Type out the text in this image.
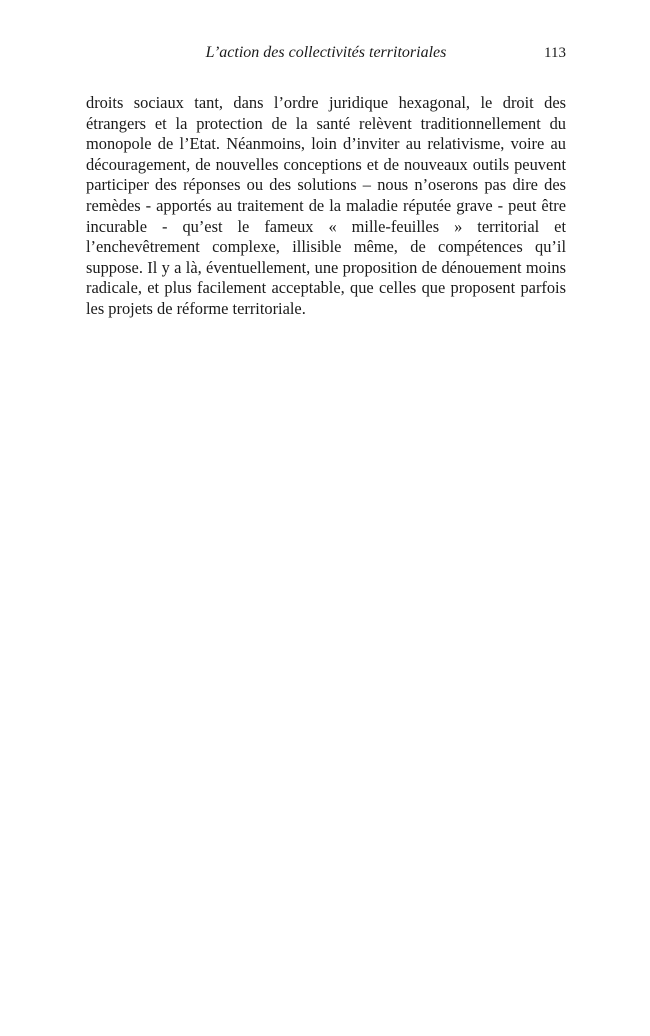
L’action des collectivités territoriales	113

droits sociaux tant, dans l’ordre juridique hexagonal, le droit des étrangers et la protection de la santé relèvent traditionnellement du monopole de l’Etat. Néanmoins, loin d’inviter au relativisme, voire au découragement, de nouvelles conceptions et de nouveaux outils peuvent participer des réponses ou des solutions – nous n’oserons pas dire des remèdes - apportés au traitement de la maladie réputée grave - peut être incurable - qu’est le fameux « mille-feuilles » territorial et l’enchevêtrement complexe, illisible même, de compétences qu’il suppose. Il y a là, éventuellement, une proposition de dénouement moins radicale, et plus facilement acceptable, que celles que proposent parfois les projets de réforme territoriale.
